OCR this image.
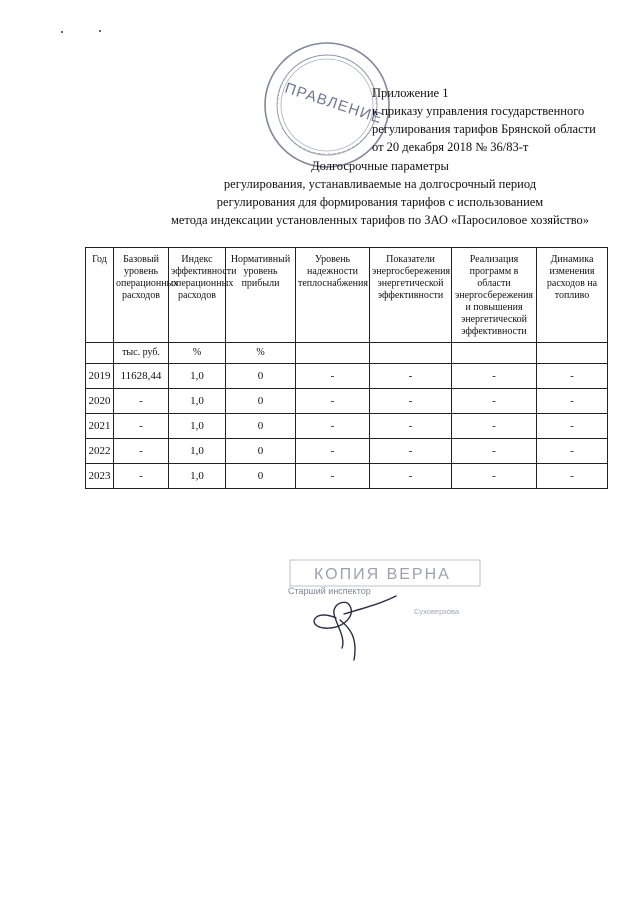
ПРАВЛЕНИЕ
Приложение 1
к приказу управления государственного
регулирования тарифов Брянской области
от 20 декабря 2018 № 36/83-т
Долгосрочные параметры
регулирования, устанавливаемые на долгосрочный период
регулирования для формирования тарифов с использованием
метода индексации установленных тарифов по ЗАО «Паросиловое хозяйство»
Год	Базовый уровень операционных расходов	Индекс эффективности операционных расходов	Нормативный уровень прибыли	Уровень надежности теплоснабжения	Показатели энергосбережения энергетической эффективности	Реализация программ в области энергосбережения и повышения энергетической эффективности	Динамика изменения расходов на топливо
	тыс. руб.	%	%				
2019	11628,44	1,0	0	-	-	-	-
2020	-	1,0	0	-	-	-	-
2021	-	1,0	0	-	-	-	-
2022	-	1,0	0	-	-	-	-
2023	-	1,0	0	-	-	-	-
КОПИЯ ВЕРНА
Старший инспектор
Суховерхова
